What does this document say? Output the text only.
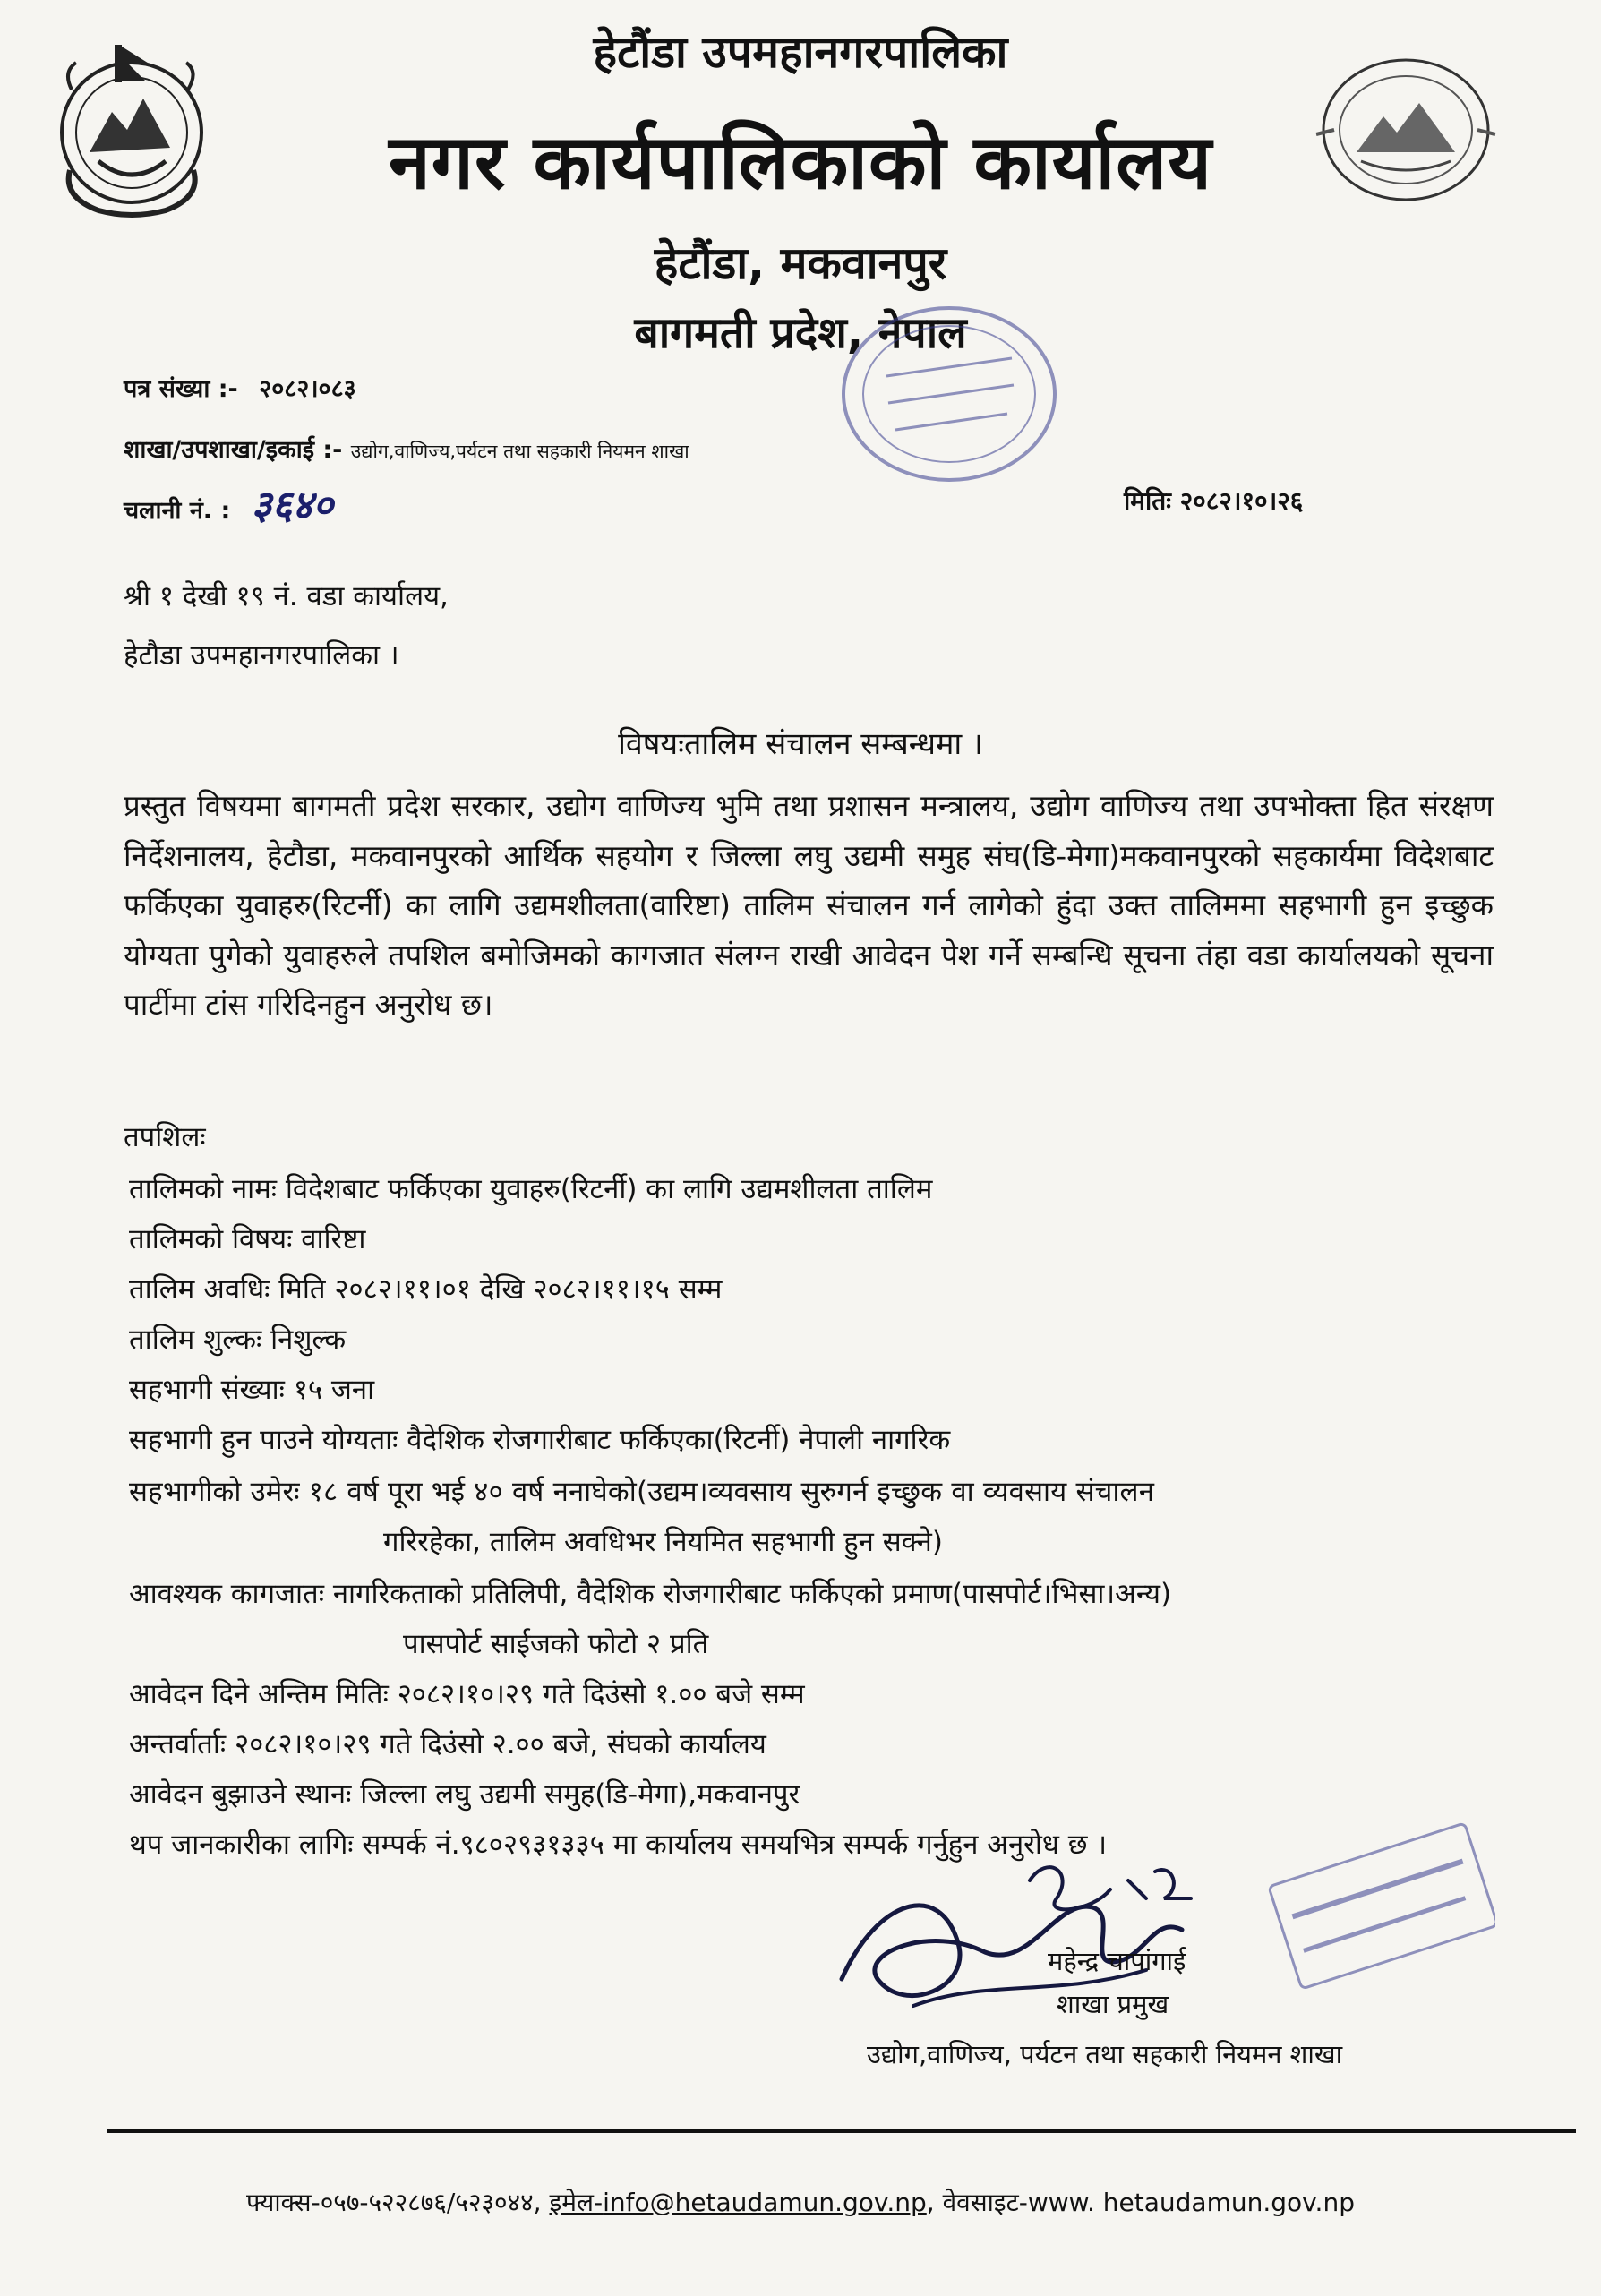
हेटौंडा उपमहानगरपालिका
नगर कार्यपालिकाको कार्यालय
हेटौंडा, मकवानपुर
बागमती प्रदेश, नेपाल
पत्र संख्या :- २०८२।०८३
शाखा/उपशाखा/इकाई :- उद्योग,वाणिज्य,पर्यटन तथा सहकारी नियमन शाखा
चलानी नं. : ३६४०	मितिः २०८२।१०।२६
श्री १ देखी १९ नं. वडा कार्यालय,
हेटौडा उपमहानगरपालिका ।
विषयःतालिम संचालन सम्बन्धमा ।
प्रस्तुत विषयमा बागमती प्रदेश सरकार, उद्योग वाणिज्य भुमि तथा प्रशासन मन्त्रालय, उद्योग वाणिज्य तथा उपभोक्ता हित संरक्षण निर्देशनालय, हेटौडा, मकवानपुरको आर्थिक सहयोग र जिल्ला लघु उद्यमी समुह संघ(डि-मेगा)मकवानपुरको सहकार्यमा विदेशबाट फर्किएका युवाहरु(रिटर्नी) का लागि उद्यमशीलता(वारिष्टा) तालिम संचालन गर्न लागेको हुंदा उक्त तालिममा सहभागी हुन इच्छुक योग्यता पुगेको युवाहरुले तपशिल बमोजिमको कागजात संलग्न राखी आवेदन पेश गर्ने सम्बन्धि सूचना तंहा वडा कार्यालयको सूचना पार्टीमा टांस गरिदिनहुन अनुरोध छ।
तपशिलः
तालिमको नामः विदेशबाट फर्किएका युवाहरु(रिटर्नी) का लागि उद्यमशीलता तालिम
तालिमको विषयः वारिष्टा
तालिम अवधिः मिति २०८२।११।०१ देखि २०८२।११।१५ सम्म
तालिम शुल्कः निशुल्क
सहभागी संख्याः १५ जना
सहभागी हुन पाउने योग्यताः वैदेशिक रोजगारीबाट फर्किएका(रिटर्नी) नेपाली नागरिक
सहभागीको उमेरः १८ वर्ष पूरा भई ४० वर्ष ननाघेको(उद्यम।व्यवसाय सुरुगर्न इच्छुक वा व्यवसाय संचालन
गरिरहेका, तालिम अवधिभर नियमित सहभागी हुन सक्ने)
आवश्यक कागजातः नागरिकताको प्रतिलिपी, वैदेशिक रोजगारीबाट फर्किएको प्रमाण(पासपोर्ट।भिसा।अन्य)
पासपोर्ट साईजको फोटो २ प्रति
आवेदन दिने अन्तिम मितिः २०८२।१०।२९ गते दिउंसो १.०० बजे सम्म
अन्तर्वार्ताः २०८२।१०।२९ गते दिउंसो २.०० बजे, संघको कार्यालय
आवेदन बुझाउने स्थानः जिल्ला लघु उद्यमी समुह(डि-मेगा),मकवानपुर
थप जानकारीका लागिः सम्पर्क नं.९८०२९३१३३५ मा कार्यालय समयभित्र सम्पर्क गर्नुहुन अनुरोध छ ।
महेन्द्र चापांगाई
शाखा प्रमुख
उद्योग,वाणिज्य, पर्यटन तथा सहकारी नियमन शाखा
फ्याक्स-०५७-५२२८७६/५२३०४४, इमेल-info@hetaudamun.gov.np, वेवसाइट-www. hetaudamun.gov.np
